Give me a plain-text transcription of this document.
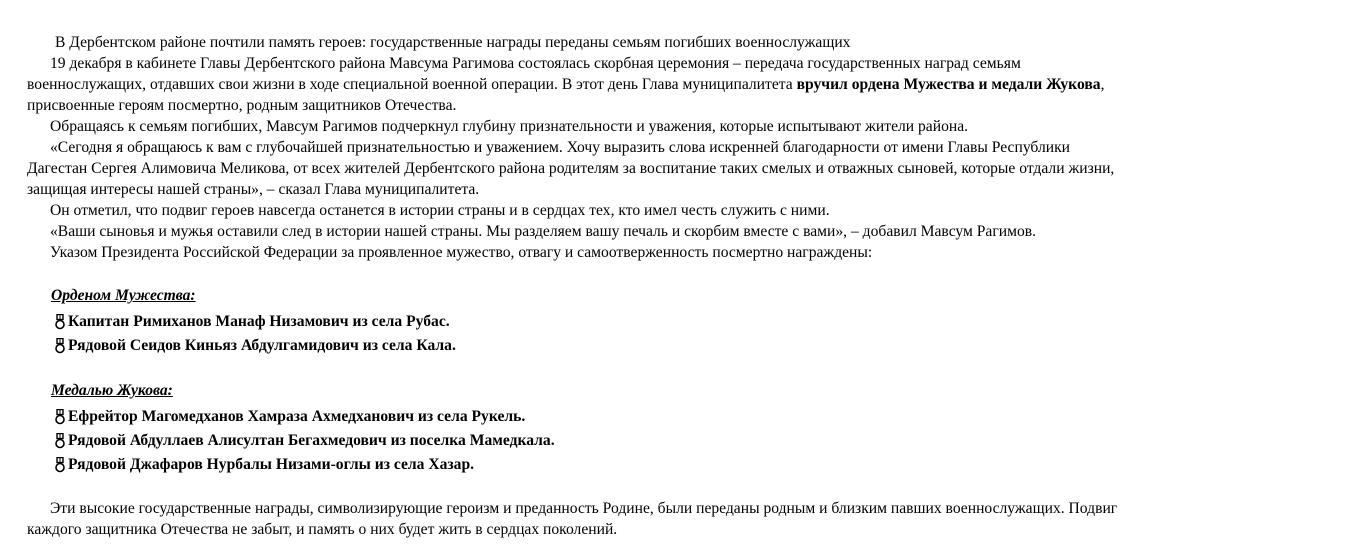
В Дербентском районе почтили память героев: государственные награды переданы семьям погибших военнослужащих

19 декабря в кабинете Главы Дербентского района Мавсума Рагимова состоялась скорбная церемония – передача государственных наград семьям

военнослужащих, отдавших свои жизни в ходе специальной военной операции. В этот день Глава муниципалитета вручил ордена Мужества и медали Жукова,

присвоенные героям посмертно, родным защитников Отечества.

Обращаясь к семьям погибших, Мавсум Рагимов подчеркнул глубину признательности и уважения, которые испытывают жители района.

«Сегодня я обращаюсь к вам с глубочайшей признательностью и уважением. Хочу выразить слова искренней благодарности от имени Главы Республики

Дагестан Сергея Алимовича Меликова, от всех жителей Дербентского района родителям за воспитание таких смелых и отважных сыновей, которые отдали жизни,

защищая интересы нашей страны», – сказал Глава муниципалитета.

Он отметил, что подвиг героев навсегда останется в истории страны и в сердцах тех, кто имел честь служить с ними.

«Ваши сыновья и мужья оставили след в истории нашей страны. Мы разделяем вашу печаль и скорбим вместе с вами», – добавил Мавсум Рагимов.

Указом Президента Российской Федерации за проявленное мужество, отвагу и самоотверженность посмертно награждены:

Орденом Мужества:
Капитан Римиханов Манаф Низамович из села Рубас.
Рядовой Сеидов Киньяз Абдулгамидович из села Кала.
Медалью Жукова:
Ефрейтор Магомедханов Хамраза Ахмедханович из села Рукель.
Рядовой Абдуллаев Алисултан Бегахмедович из поселка Мамедкала.
Рядовой Джафаров Нурбалы Низами-оглы из села Хазар.

Эти высокие государственные награды, символизирующие героизм и преданность Родине, были переданы родным и близким павших военнослужащих. Подвиг

каждого защитника Отечества не забыт, и память о них будет жить в сердцах поколений.
